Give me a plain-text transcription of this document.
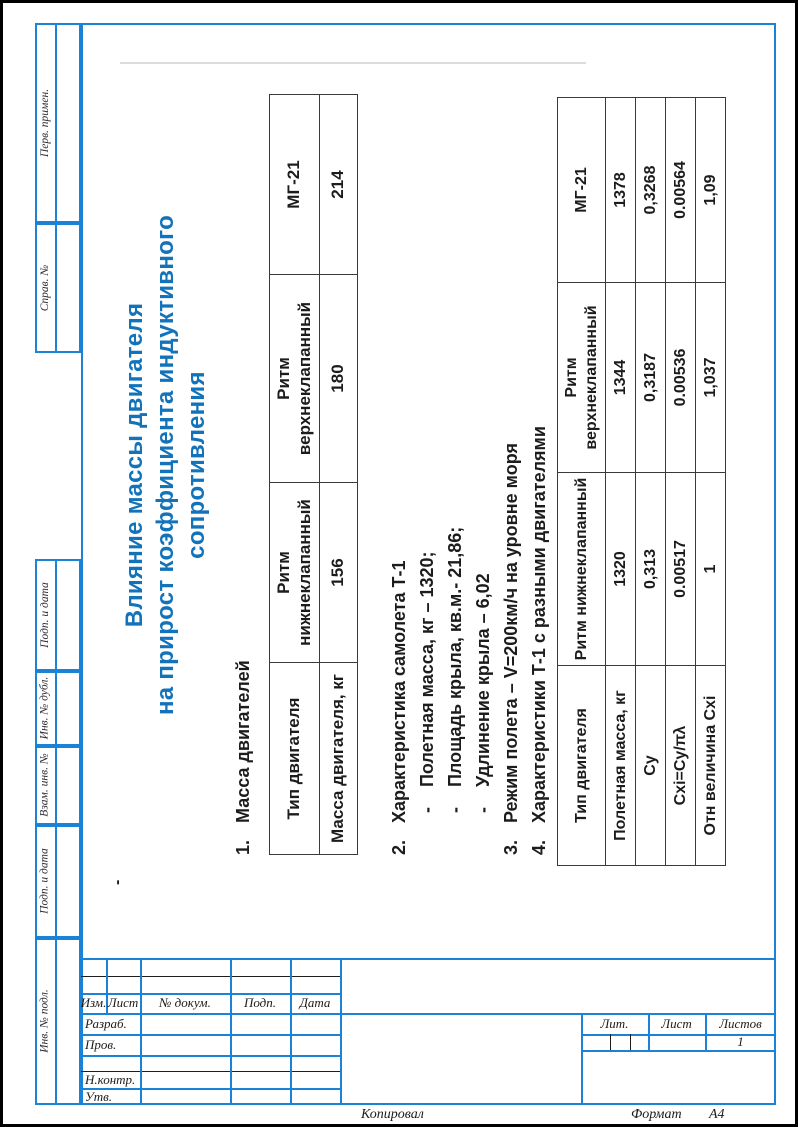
Перв. примен.
Справ. №
Подп. и дата
Инв. № дубл.
Взам. инв. №
Подп. и дата
Инв. № подл. Изм. Лист	№ докум.	Подп.	Дата
Разраб.
Пров.
Н.контр.
Утв.
Лит.	Лист	Листов
1
Копировал	Формат А4
-
Влияние массы двигателя на прирост коэффициента индуктивного сопротивления
1.Масса двигателей Тип двигателя	Ритм нижнеклапанный	Ритм верхнеклапанный	МГ-21
Масса двигателя, кг	156	180	214
2.Характеристика самолета Т-1 -Полетная масса, кг – 1320;
-Площадь крыла, кв.м.- 21,86;
-Удлинение крыла – 6,02
3.Режим полета – V=200км/ч на уровне моря
4.Характеристики Т-1 с разными двигателями Тип двигателя	Ритм нижнеклапанный	Ритм верхнеклапанный	МГ-21
Полетная масса, кг	1320	1344	1378
Cy	0,313	0,3187	0,3268
Cxi=Cy/πλ	0.00517	0.00536	0.00564
Отн величина Cxi	1	1,037	1,09
